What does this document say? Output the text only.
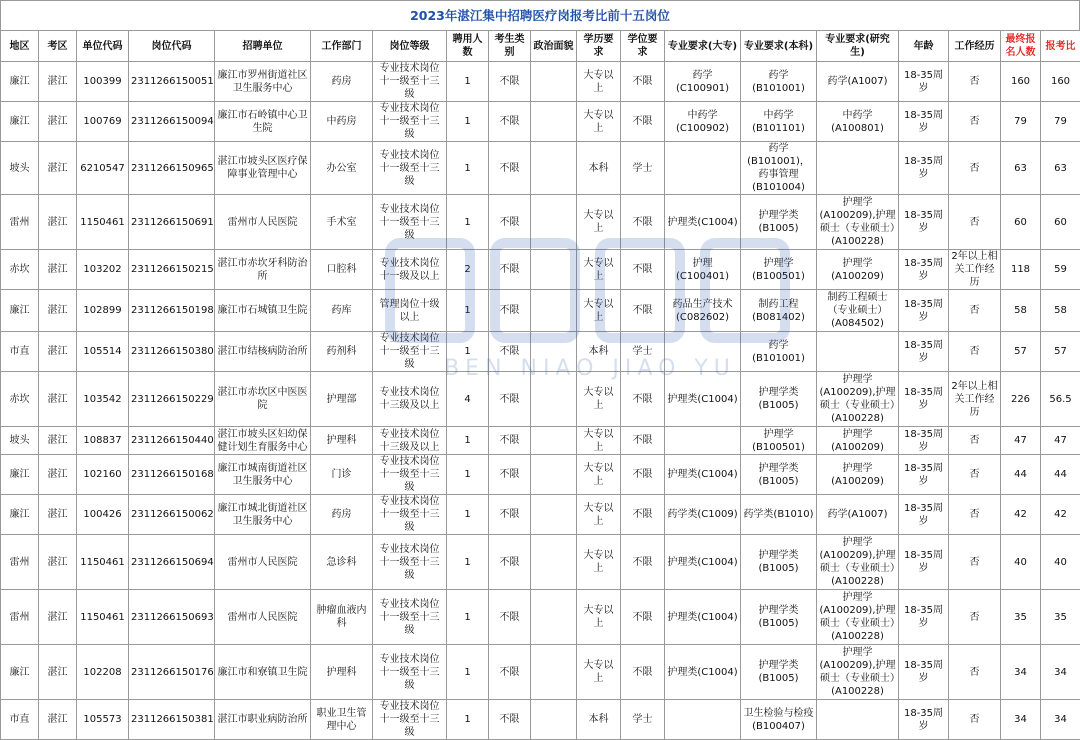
2023年湛江集中招聘医疗岗报考比前十五岗位
地区	考区	单位代码	岗位代码	招聘单位	工作部门	岗位等级	聘用人数	考生类别	政治面貌	学历要求	学位要求	专业要求(大专)	专业要求(本科)	专业要求(研究生)	年龄	工作经历	最终报名人数	报考比
廉江	湛江	100399	2311266150051	廉江市罗州街道社区卫生服务中心	药房	专业技术岗位十一级至十三级	1	不限		大专以上	不限	药学(C100901)	药学(B101001)	药学(A1007)	18-35周岁	否	160	160
廉江	湛江	100769	2311266150094	廉江市石岭镇中心卫生院	中药房	专业技术岗位十一级至十三级	1	不限		大专以上	不限	中药学(C100902)	中药学(B101101)	中药学(A100801)	18-35周岁	否	79	79
坡头	湛江	6210547	2311266150965	湛江市坡头区医疗保障事业管理中心	办公室	专业技术岗位十一级至十三级	1	不限		本科	学士		药学(B101001)，药事管理(B101004)		18-35周岁	否	63	63
雷州	湛江	1150461	2311266150691	雷州市人民医院	手术室	专业技术岗位十一级至十三级	1	不限		大专以上	不限	护理类(C1004)	护理学类(B1005)	护理学(A100209),护理硕士（专业硕士）(A100228)	18-35周岁	否	60	60
赤坎	湛江	103202	2311266150215	湛江市赤坎牙科防治所	口腔科	专业技术岗位十一级及以上	2	不限		大专以上	不限	护理(C100401)	护理学(B100501)	护理学(A100209)	18-35周岁	2年以上相关工作经历	118	59
廉江	湛江	102899	2311266150198	廉江市石城镇卫生院	药库	管理岗位十级以上	1	不限		大专以上	不限	药品生产技术(C082602)	制药工程(B081402)	制药工程硕士（专业硕士）(A084502)	18-35周岁	否	58	58
市直	湛江	105514	2311266150380	湛江市结核病防治所	药剂科	专业技术岗位十一级至十三级	1	不限		本科	学士		药学(B101001)		18-35周岁	否	57	57
赤坎	湛江	103542	2311266150229	湛江市赤坎区中医医院	护理部	专业技术岗位十三级及以上	4	不限		大专以上	不限	护理类(C1004)	护理学类(B1005)	护理学(A100209),护理硕士（专业硕士）(A100228)	18-35周岁	2年以上相关工作经历	226	56.5
坡头	湛江	108837	2311266150440	湛江市坡头区妇幼保健计划生育服务中心	护理科	专业技术岗位十三级及以上	1	不限		大专以上	不限		护理学(B100501)	护理学(A100209)	18-35周岁	否	47	47
廉江	湛江	102160	2311266150168	廉江市城南街道社区卫生服务中心	门诊	专业技术岗位十一级至十三级	1	不限		大专以上	不限	护理类(C1004)	护理学类(B1005)	护理学(A100209)	18-35周岁	否	44	44
廉江	湛江	100426	2311266150062	廉江市城北街道社区卫生服务中心	药房	专业技术岗位十一级至十三级	1	不限		大专以上	不限	药学类(C1009)	药学类(B1010)	药学(A1007)	18-35周岁	否	42	42
雷州	湛江	1150461	2311266150694	雷州市人民医院	急诊科	专业技术岗位十一级至十三级	1	不限		大专以上	不限	护理类(C1004)	护理学类(B1005)	护理学(A100209),护理硕士（专业硕士）(A100228)	18-35周岁	否	40	40
雷州	湛江	1150461	2311266150693	雷州市人民医院	肿瘤血液内科	专业技术岗位十一级至十三级	1	不限		大专以上	不限	护理类(C1004)	护理学类(B1005)	护理学(A100209),护理硕士（专业硕士）(A100228)	18-35周岁	否	35	35
廉江	湛江	102208	2311266150176	廉江市和寮镇卫生院	护理科	专业技术岗位十一级至十三级	1	不限		大专以上	不限	护理类(C1004)	护理学类(B1005)	护理学(A100209),护理硕士（专业硕士）(A100228)	18-35周岁	否	34	34
市直	湛江	105573	2311266150381	湛江市职业病防治所	职业卫生管理中心	专业技术岗位十一级至十三级	1	不限		本科	学士		卫生检验与检疫(B100407)		18-35周岁	否	34	34
BEN NIAO JIAO YU
